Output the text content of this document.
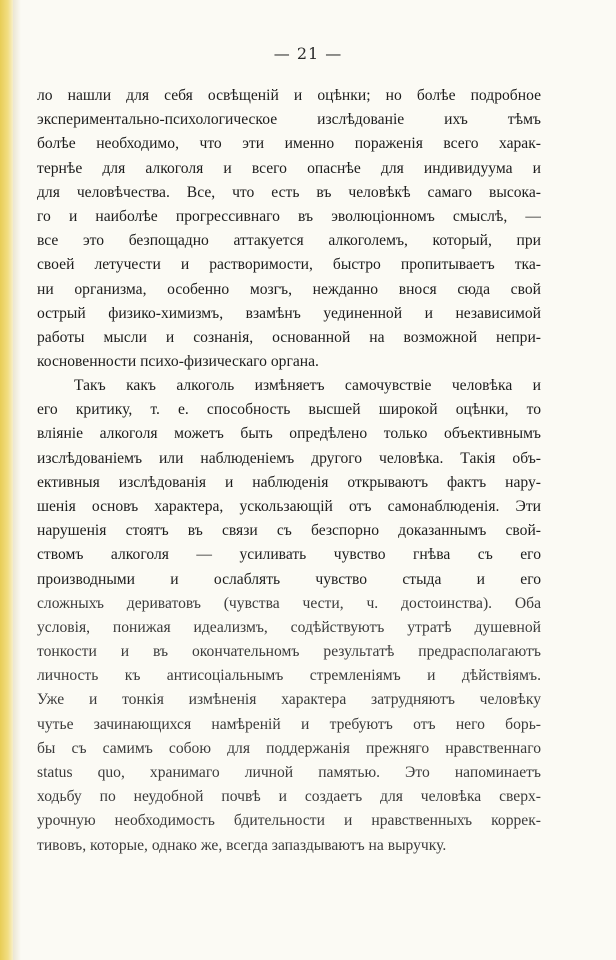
— 21 —
ло нашли для себя освѣщеній и оцѣнки; но болѣе подробное
экспериментально-психологическое изслѣдованіе ихъ тѣмъ
болѣе необходимо, что эти именно пораженія всего харак-
тернѣе для алкоголя и всего опаснѣе для индивидуума и
для человѣчества. Все, что есть въ человѣкѣ самаго высока-
го и наиболѣе прогрессивнаго въ эволюціонномъ смыслѣ, —
все это безпощадно аттакуется алкоголемъ, который, при
своей летучести и растворимости, быстро пропитываетъ тка-
ни организма, особенно мозгъ, нежданно внося сюда свой
острый физико-химизмъ, взамѣнъ уединенной и независимой
работы мысли и сознанія, основанной на возможной непри-
косновенности психо-физическаго органа.
Такъ какъ алкоголь измѣняетъ самочувствіе человѣка и
его критику, т. е. способность высшей широкой оцѣнки, то
вліяніе алкоголя можетъ быть опредѣлено только объективнымъ
изслѣдованіемъ или наблюденіемъ другого человѣка. Такія объ-
ективныя изслѣдованія и наблюденія открываютъ фактъ нару-
шенія основъ характера, ускользающій отъ самонаблюденія. Эти
нарушенія стоятъ въ связи съ безспорно доказаннымъ свой-
ствомъ алкоголя — усиливать чувство гнѣва съ его
производными и ослаблять чувство стыда и его
сложныхъ дериватовъ (чувства чести, ч. достоинства). Оба
условія, понижая идеализмъ, содѣйствуютъ утратѣ душевной
тонкости и въ окончательномъ результатѣ предрасполагаютъ
личность къ антисоціальнымъ стремленіямъ и дѣйствіямъ.
Уже и тонкія измѣненія характера затрудняютъ человѣку
чутье зачинающихся намѣреній и требуютъ отъ него борь-
бы съ самимъ собою для поддержанія прежняго нравственнаго
status quo, хранимаго личной памятью. Это напоминаетъ
ходьбу по неудобной почвѣ и создаетъ для человѣка сверх-
урочную необходимость бдительности и нравственныхъ коррек-
тивовъ, которые, однако же, всегда запаздываютъ на выручку.
